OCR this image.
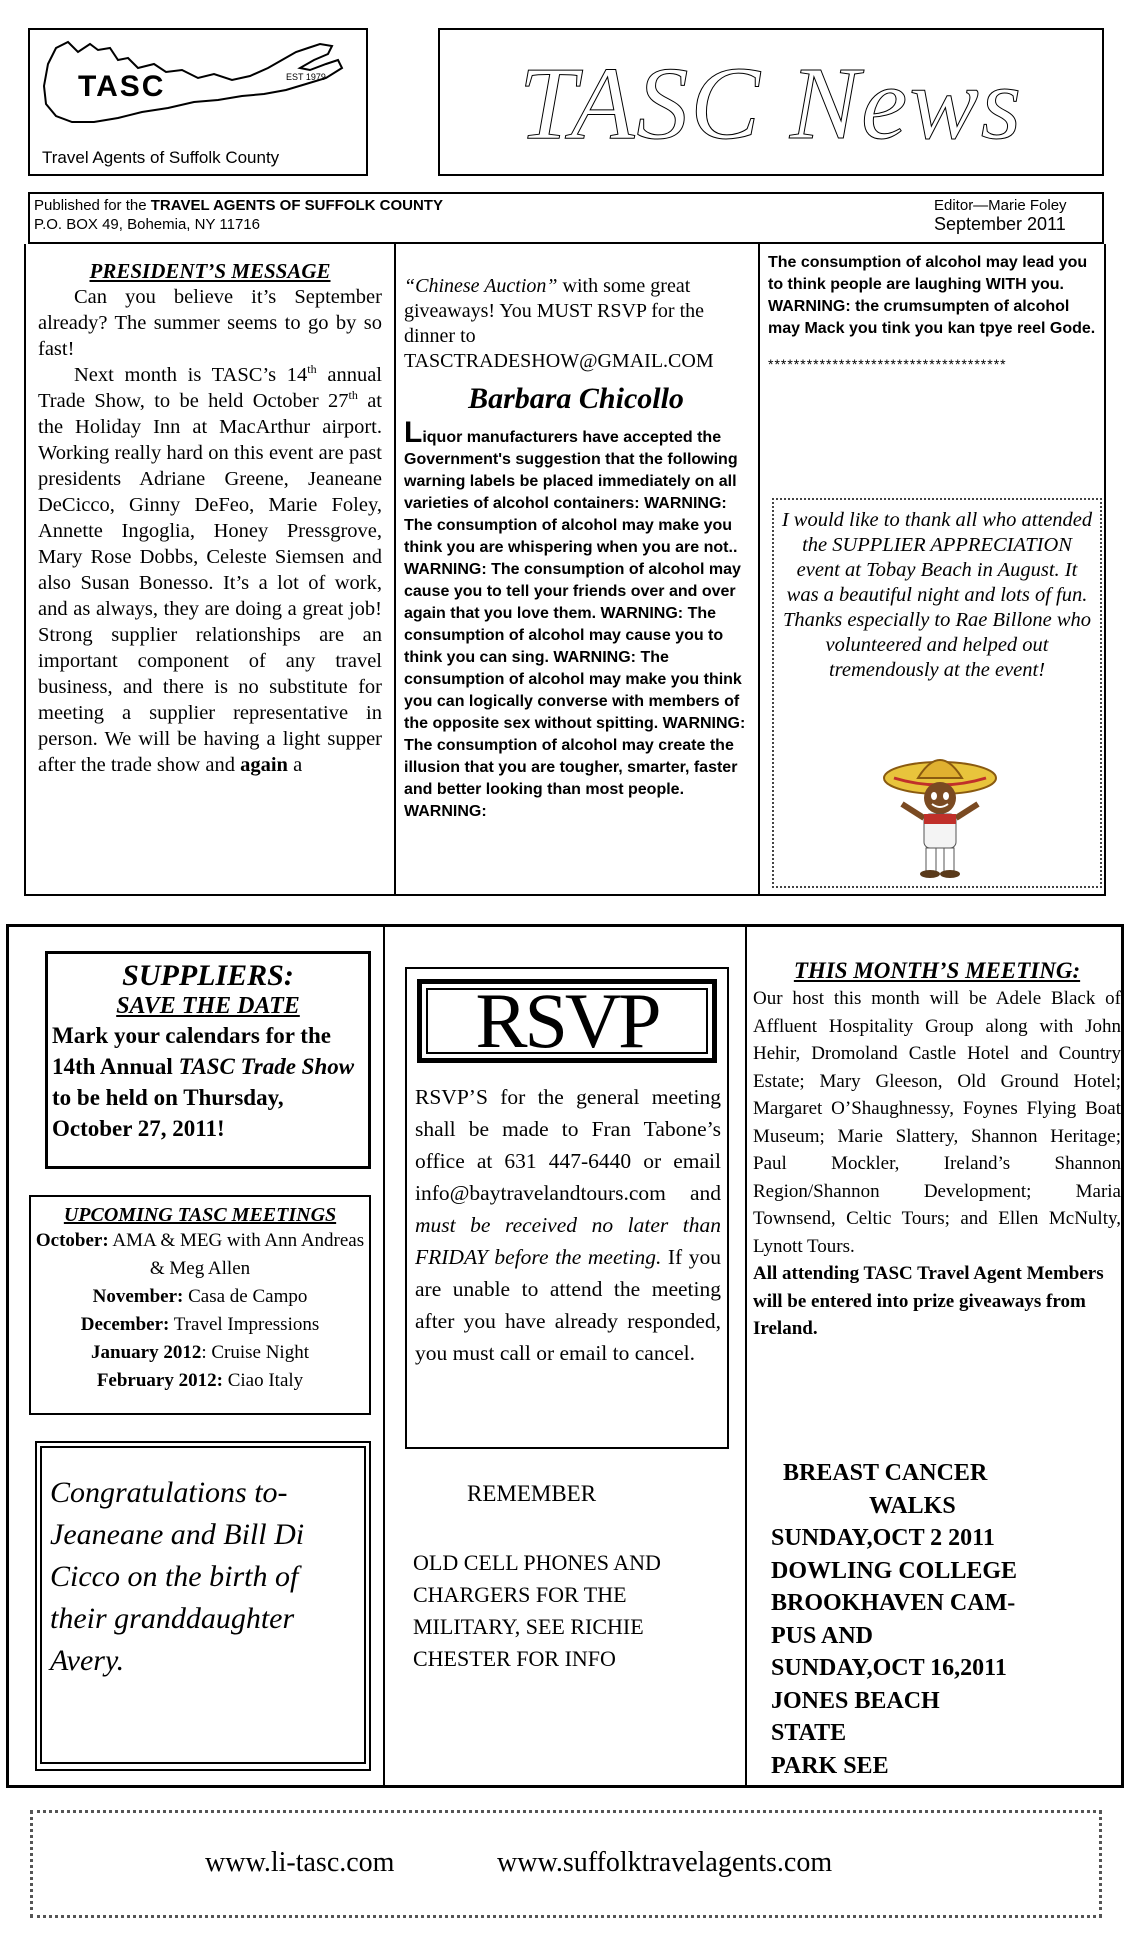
TASC	EST 1979
Travel Agents of Suffolk County	TASC News
Published for the TRAVEL AGENTS OF SUFFOLK COUNTY
P.O. BOX 49, Bohemia, NY 11716
Editor—Marie Foley
September 2011

PRESIDENT’S MESSAGE

Can you believe it’s September already? The summer seems to go by so fast!

Next month is TASC’s 14th annual Trade Show, to be held October 27th at the Holiday Inn at MacArthur airport. Working really hard on this event are past presidents Adriane Greene, Jeaneane DeCicco, Ginny DeFeo, Marie Foley, Annette Ingoglia, Honey Pressgrove, Mary Rose Dobbs, Celeste Siemsen and also Susan Bonesso. It’s a lot of work, and as always, they are doing a great job! Strong supplier relationships are an important component of any travel business, and there is no substitute for meeting a supplier representative in person. We will be having a light supper after the trade show and again a

“Chinese Auction” with some great giveaways! You MUST RSVP for the dinner to TASCTRADESHOW@GMAIL.COM

Barbara Chicollo

Liquor manufacturers have accepted the Government's suggestion that the following warning labels be placed immediately on all varieties of alcohol containers: WARNING: The consumption of alcohol may make you think you are whispering when you are not.. WARNING: The consumption of alcohol may cause you to tell your friends over and over again that you love them. WARNING: The consumption of alcohol may cause you to think you can sing. WARNING: The consumption of alcohol may make you think you can logically converse with members of the opposite sex without spitting. WARNING: The consumption of alcohol may create the illusion that you are tougher, smarter, faster and better looking than most people. WARNING:

The consumption of alcohol may lead you to think people are laughing WITH you. WARNING: the crumsumpten of alcohol may Mack you tink you kan tpye reel Gode.

*************************************

I would like to thank all who attended the SUPPLIER APPRECIATION event at Tobay Beach in August. It was a beautiful night and lots of fun. Thanks especially to Rae Billone who volunteered and helped out tremendously at the event!

SUPPLIERS:

SAVE THE DATE

Mark your calendars for the 14th Annual TASC Trade Show to be held on Thursday, October 27, 2011!

UPCOMING TASC MEETINGS

October: AMA & MEG with Ann Andreas & Meg Allen
November: Casa de Campo
December: Travel Impressions
January 2012: Cruise Night
February 2012: Ciao Italy

Congratulations to- Jeaneane and Bill Di Cicco on the birth of their granddaughter Avery.

RSVP

RSVP’S for the general meeting shall be made to Fran Tabone’s office at 631 447-6440 or email info@baytravelandtours.com and must be received no later than FRIDAY before the meeting. If you are unable to attend the meeting after you have already responded, you must call or email to cancel.

REMEMBER

OLD CELL PHONES AND CHARGERS FOR THE MILITARY, SEE RICHIE CHESTER FOR INFO

THIS MONTH’S MEETING:

Our host this month will be Adele Black of Affluent Hospitality Group along with John Hehir, Dromoland Castle Hotel and Country Estate; Mary Gleeson, Old Ground Hotel; Margaret O’Shaughnessy, Foynes Flying Boat Museum; Marie Slattery, Shannon Heritage; Paul Mockler, Ireland’s Shannon Region/Shannon Development; Maria Townsend, Celtic Tours; and Ellen McNulty, Lynott Tours.

All attending TASC Travel Agent Members will be entered into prize giveaways from Ireland.

BREAST CANCER
WALKS
SUNDAY,OCT 2 2011
DOWLING COLLEGE
BROOKHAVEN CAM-
PUS AND
SUNDAY,OCT 16,2011
JONES BEACH
STATE
PARK SEE
www.li-tasc.com	www.suffolktravelagents.com
